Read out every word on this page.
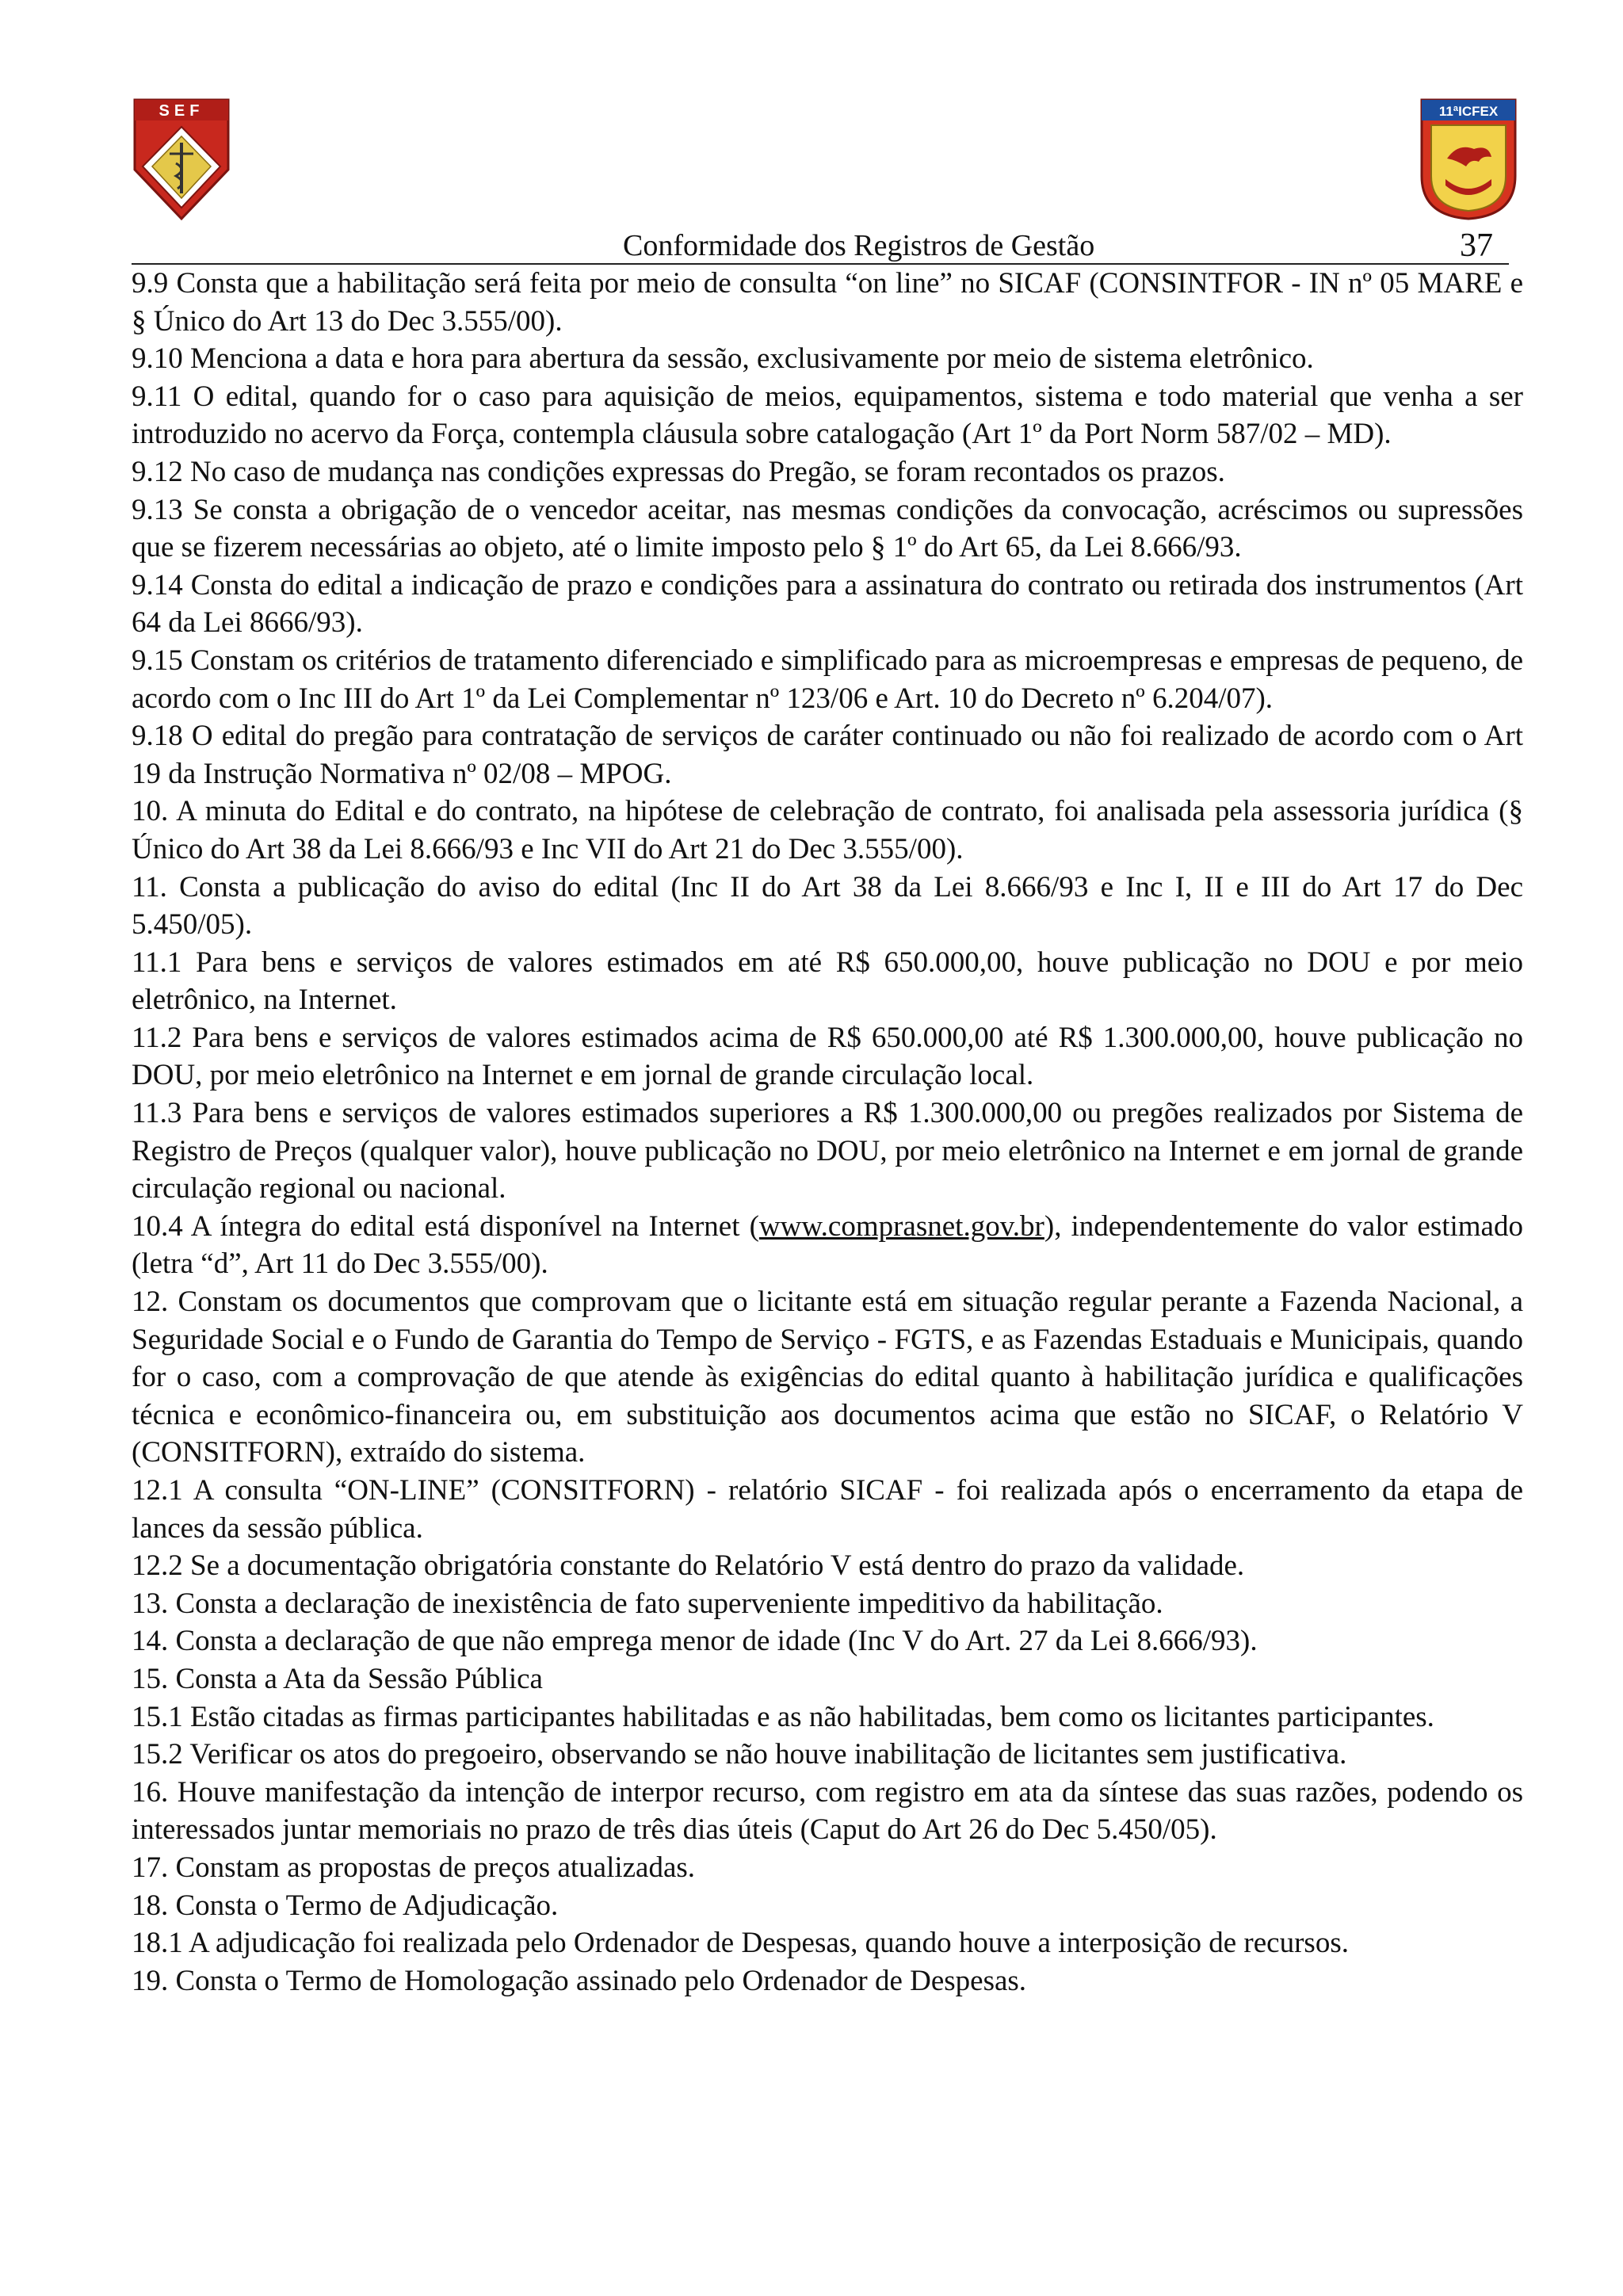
SEF	11ªICFEX
Conformidade dos Registros de Gestão	37

9.9 Consta que a habilitação será feita por meio de consulta “on line” no SICAF (CONSINTFOR - IN nº 05 MARE e § Único do Art 13 do Dec 3.555/00).

9.10 Menciona a data e hora para abertura da sessão, exclusivamente por meio de sistema eletrônico.

9.11 O edital, quando for o caso para aquisição de meios, equipamentos, sistema e todo material que venha a ser introduzido no acervo da Força, contempla cláusula sobre catalogação (Art 1º da Port Norm 587/02 – MD).

9.12 No caso de mudança nas condições expressas do Pregão, se foram recontados os prazos.

9.13 Se consta a obrigação de o vencedor aceitar, nas mesmas condições da convocação, acréscimos ou supressões que se fizerem necessárias ao objeto, até o limite imposto pelo § 1º do Art 65, da Lei 8.666/93.

9.14 Consta do edital a indicação de prazo e condições para a assinatura do contrato ou retirada dos instrumentos (Art 64 da Lei 8666/93).

9.15 Constam os critérios de tratamento diferenciado e simplificado para as microempresas e empresas de pequeno, de acordo com o Inc III do Art 1º da Lei Complementar nº 123/06 e Art. 10 do Decreto nº 6.204/07).

9.18 O edital do pregão para contratação de serviços de caráter continuado ou não foi realizado de acordo com o Art 19 da Instrução Normativa nº 02/08 – MPOG.

10. A minuta do Edital e do contrato, na hipótese de celebração de contrato, foi analisada pela assessoria jurídica (§ Único do Art 38 da Lei 8.666/93 e Inc VII do Art 21 do Dec 3.555/00).

11. Consta a publicação do aviso do edital (Inc II do Art 38 da Lei 8.666/93 e Inc I, II e III do Art 17 do Dec 5.450/05).

11.1 Para bens e serviços de valores estimados em até R$ 650.000,00, houve publicação no DOU e por meio eletrônico, na Internet.

11.2 Para bens e serviços de valores estimados acima de R$ 650.000,00 até R$ 1.300.000,00, houve publicação no DOU, por meio eletrônico na Internet e em jornal de grande circulação local.

11.3 Para bens e serviços de valores estimados superiores a R$ 1.300.000,00 ou pregões realizados por Sistema de Registro de Preços (qualquer valor), houve publicação no DOU, por meio eletrônico na Internet e em jornal de grande circulação regional ou nacional.

10.4 A íntegra do edital está disponível na Internet (www.comprasnet.gov.br), independentemente do valor estimado (letra “d”, Art 11 do Dec 3.555/00).

12. Constam os documentos que comprovam que o licitante está em situação regular perante a Fazenda Nacional, a Seguridade Social e o Fundo de Garantia do Tempo de Serviço - FGTS, e as Fazendas Estaduais e Municipais, quando for o caso, com a comprovação de que atende às exigências do edital quanto à habilitação jurídica e qualificações técnica e econômico-financeira ou, em substituição aos documentos acima que estão no SICAF, o Relatório V (CONSITFORN), extraído do sistema.

12.1 A consulta “ON-LINE” (CONSITFORN) - relatório SICAF - foi realizada após o encerramento da etapa de lances da sessão pública.

12.2 Se a documentação obrigatória constante do Relatório V está dentro do prazo da validade.

13. Consta a declaração de inexistência de fato superveniente impeditivo da habilitação.

14. Consta a declaração de que não emprega menor de idade (Inc V do Art. 27 da Lei 8.666/93).

15. Consta a Ata da Sessão Pública

15.1 Estão citadas as firmas participantes habilitadas e as não habilitadas, bem como os licitantes participantes.

15.2 Verificar os atos do pregoeiro, observando se não houve inabilitação de licitantes sem justificativa.

16. Houve manifestação da intenção de interpor recurso, com registro em ata da síntese das suas razões, podendo os interessados juntar memoriais no prazo de três dias úteis (Caput do Art 26 do Dec 5.450/05).

17. Constam as propostas de preços atualizadas.

18. Consta o Termo de Adjudicação.

18.1 A adjudicação foi realizada pelo Ordenador de Despesas, quando houve a interposição de recursos.

19. Consta o Termo de Homologação assinado pelo Ordenador de Despesas.
